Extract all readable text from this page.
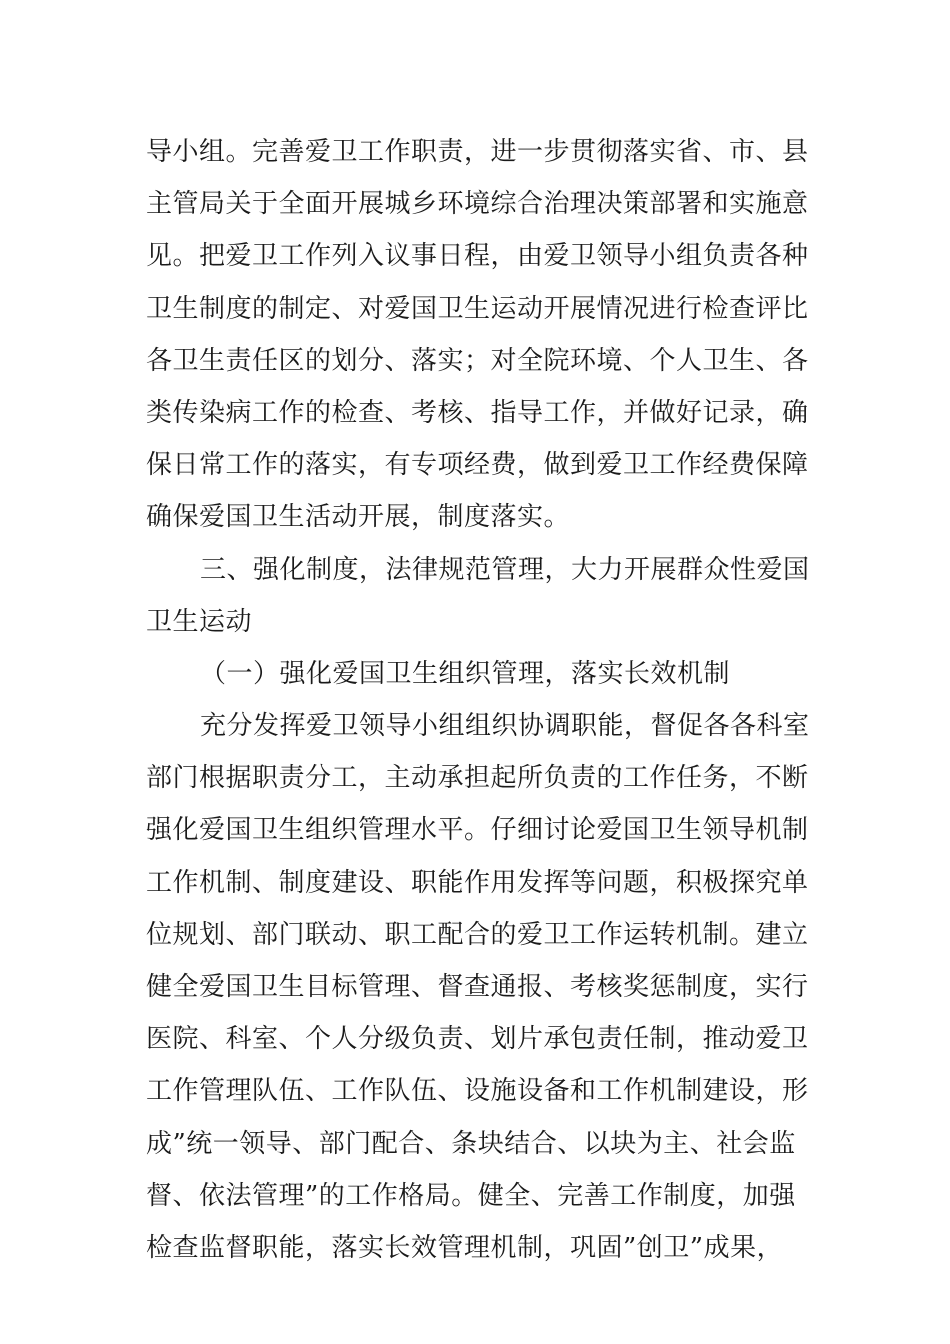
导小组。完善爱卫工作职责，进一步贯彻落实省、市、县
主管局关于全面开展城乡环境综合治理决策部署和实施意
见。把爱卫工作列入议事日程，由爱卫领导小组负责各种
卫生制度的制定、对爱国卫生运动开展情况进行检查评比
各卫生责任区的划分、落实；对全院环境、个人卫生、各
类传染病工作的检查、考核、指导工作，并做好记录，确
保日常工作的落实，有专项经费，做到爱卫工作经费保障
确保爱国卫生活动开展，制度落实。
三、强化制度，法律规范管理，大力开展群众性爱国
卫生运动
（一）强化爱国卫生组织管理，落实长效机制
充分发挥爱卫领导小组组织协调职能，督促各各科室
部门根据职责分工，主动承担起所负责的工作任务，不断
强化爱国卫生组织管理水平。仔细讨论爱国卫生领导机制
工作机制、制度建设、职能作用发挥等问题，积极探究单
位规划、部门联动、职工配合的爱卫工作运转机制。建立
健全爱国卫生目标管理、督查通报、考核奖惩制度，实行
医院、科室、个人分级负责、划片承包责任制，推动爱卫
工作管理队伍、工作队伍、设施设备和工作机制建设，形
成”统一领导、部门配合、条块结合、以块为主、社会监
督、依法管理”的工作格局。健全、完善工作制度，加强
检查监督职能，落实长效管理机制，巩固”创卫”成果，
